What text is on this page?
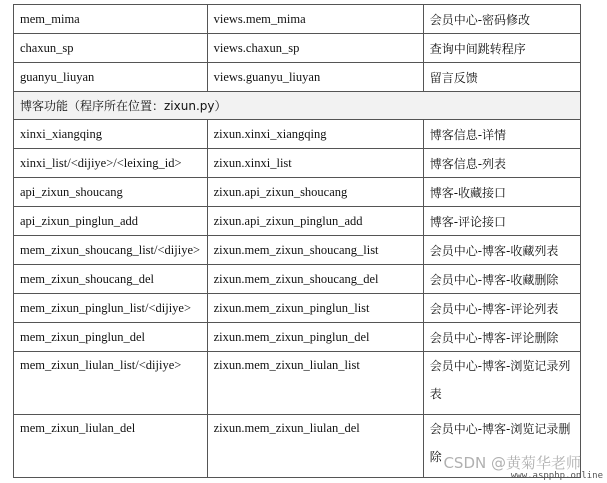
mem_mima	views.mem_mima	会员中心-密码修改
chaxun_sp	views.chaxun_sp	查询中间跳转程序
guanyu_liuyan	views.guanyu_liuyan	留言反馈
博客功能（程序所在位置：zixun.py）		
xinxi_xiangqing	zixun.xinxi_xiangqing	博客信息-详情
xinxi_list/<dijiye>/<leixing_id>	zixun.xinxi_list	博客信息-列表
api_zixun_shoucang	zixun.api_zixun_shoucang	博客-收藏接口
api_zixun_pinglun_add	zixun.api_zixun_pinglun_add	博客-评论接口
mem_zixun_shoucang_list/<dijiye>	zixun.mem_zixun_shoucang_list	会员中心-博客-收藏列表
mem_zixun_shoucang_del	zixun.mem_zixun_shoucang_del	会员中心-博客-收藏删除
mem_zixun_pinglun_list/<dijiye>	zixun.mem_zixun_pinglun_list	会员中心-博客-评论列表
mem_zixun_pinglun_del	zixun.mem_zixun_pinglun_del	会员中心-博客-评论删除
mem_zixun_liulan_list/<dijiye>	zixun.mem_zixun_liulan_list	会员中心-博客-浏览记录列表
mem_zixun_liulan_del	zixun.mem_zixun_liulan_del	会员中心-博客-浏览记录删除 CSDN @黄菊华老师
www.aspphp.online
